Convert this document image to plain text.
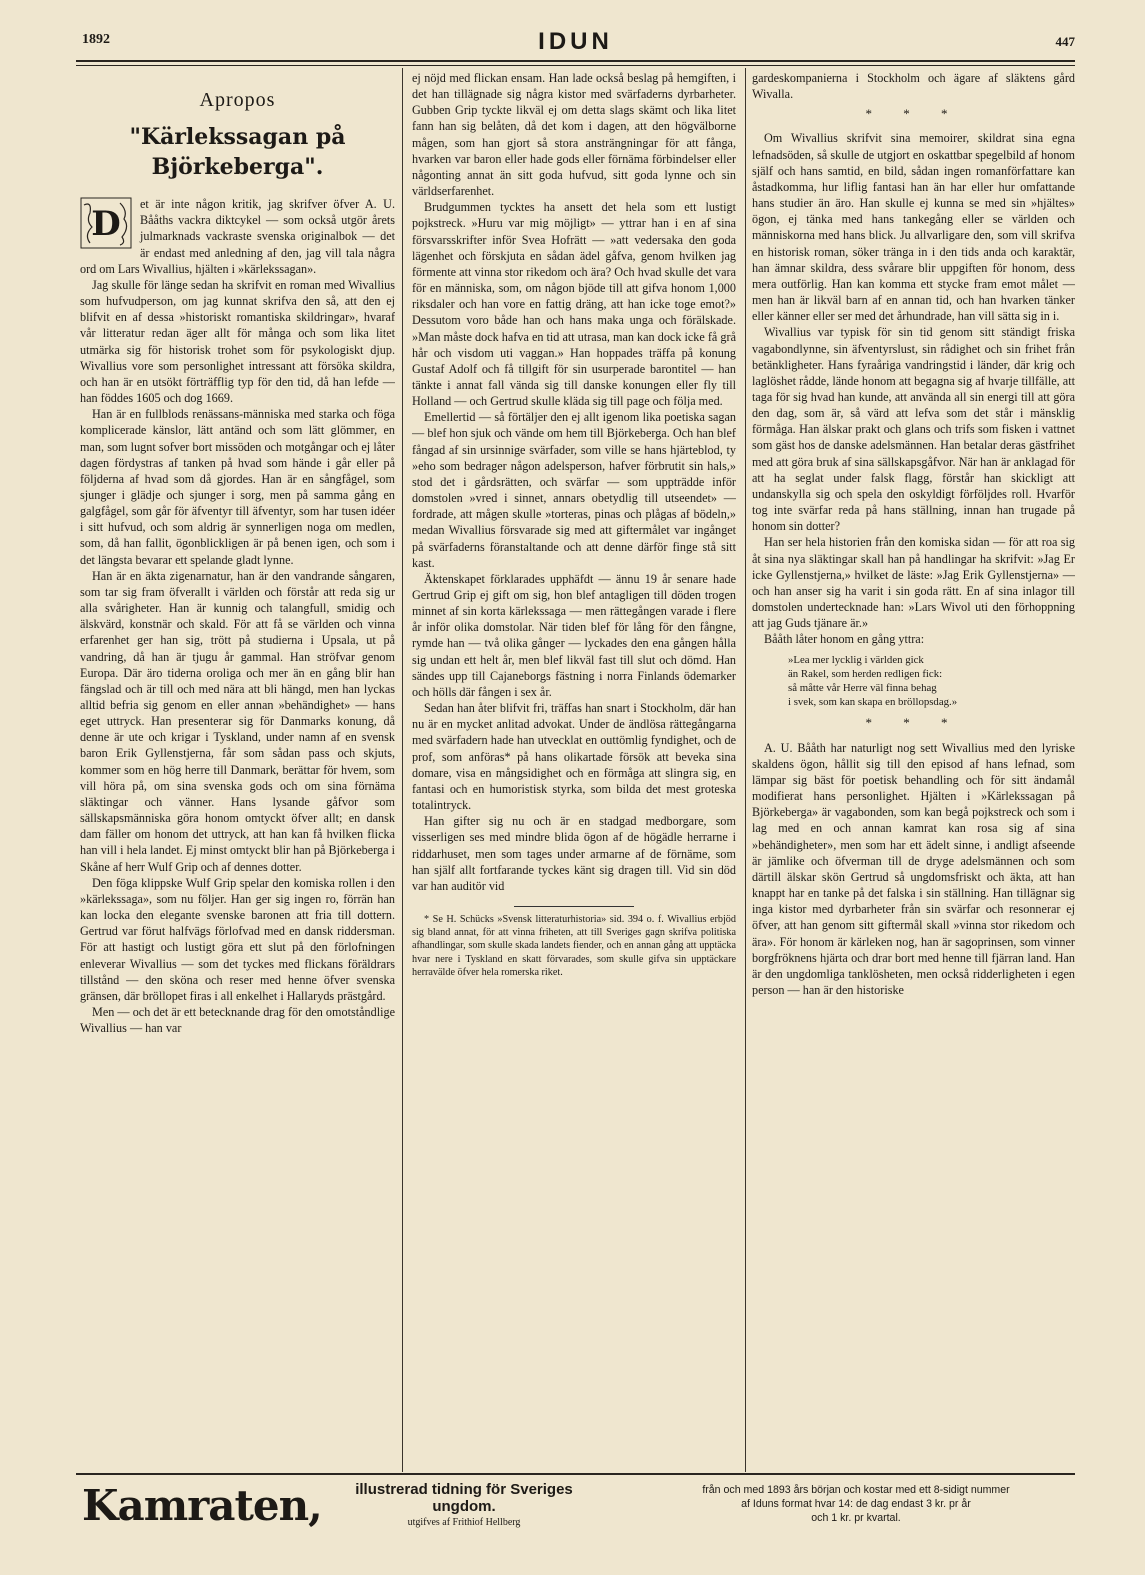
1892	IDUN	447
Apropos
"Kärlekssagan på Björkeberga".
D	et är inte någon kritik, jag skrifver öfver A. U. Bååths vackra diktcykel — som också utgör årets julmarknads vackraste svenska originalbok — det är endast med anledning af den, jag vill tala några ord om Lars Wivallius, hjälten i »kärlekssagan».

Jag skulle för länge sedan ha skrifvit en roman med Wivallius som hufvudperson, om jag kunnat skrifva den så, att den ej blifvit en af dessa »historiskt romantiska skildringar», hvaraf vår litteratur redan äger allt för många och som lika litet utmärka sig för historisk trohet som för psykologiskt djup. Wivallius vore som personlighet intressant att försöka skildra, och han är en utsökt förträfflig typ för den tid, då han lefde — han föddes 1605 och dog 1669.

Han är en fullblods renässans-människa med starka och föga komplicerade känslor, lätt antänd och som lätt glömmer, en man, som lugnt sofver bort missöden och motgångar och ej låter dagen fördystras af tanken på hvad som hände i går eller på följderna af hvad som då gjordes. Han är en sångfågel, som sjunger i glädje och sjunger i sorg, men på samma gång en galgfågel, som går för äfventyr till äfventyr, som har tusen idéer i sitt hufvud, och som aldrig är synnerligen noga om medlen, som, då han fallit, ögonblickligen är på benen igen, och som i det längsta bevarar ett spelande gladt lynne.

Han är en äkta zigenarnatur, han är den vandrande sångaren, som tar sig fram öfverallt i världen och förstår att reda sig ur alla svårigheter. Han är kunnig och talangfull, smidig och älskvärd, konstnär och skald. För att få se världen och vinna erfarenhet ger han sig, trött på studierna i Upsala, ut på vandring, då han är tjugu år gammal. Han ströfvar genom Europa. Där äro tiderna oroliga och mer än en gång blir han fängslad och är till och med nära att bli hängd, men han lyckas alltid befria sig genom en eller annan »behändighet» — hans eget uttryck. Han presenterar sig för Danmarks konung, då denne är ute och krigar i Tyskland, under namn af en svensk baron Erik Gyllenstjerna, får som sådan pass och skjuts, kommer som en hög herre till Danmark, berättar för hvem, som vill höra på, om sina svenska gods och om sina förnäma släktingar och vänner. Hans lysande gåfvor som sällskapsmänniska göra honom omtyckt öfver allt; en dansk dam fäller om honom det uttryck, att han kan få hvilken flicka han vill i hela landet. Ej minst omtyckt blir han på Björkeberga i Skåne af herr Wulf Grip och af dennes dotter.

Den föga klippske Wulf Grip spelar den komiska rollen i den »kärlekssaga», som nu följer. Han ger sig ingen ro, förrän han kan locka den elegante svenske baronen att fria till dottern. Gertrud var förut halfvägs förlofvad med en dansk riddersman. För att hastigt och lustigt göra ett slut på den förlofningen enleverar Wivallius — som det tyckes med flickans föräldrars tillstånd — den sköna och reser med henne öfver svenska gränsen, där bröllopet firas i all enkelhet i Hallaryds prästgård.

Men — och det är ett betecknande drag för den omotståndlige Wivallius — han var

ej nöjd med flickan ensam. Han lade också beslag på hemgiften, i det han tillägnade sig några kistor med svärfaderns dyrbarheter. Gubben Grip tyckte likväl ej om detta slags skämt och lika litet fann han sig belåten, då det kom i dagen, att den högvälborne mågen, som han gjort så stora ansträngningar för att fånga, hvarken var baron eller hade gods eller förnäma förbindelser eller någonting annat än sitt goda hufvud, sitt goda lynne och sin världserfarenhet.

Brudgummen tycktes ha ansett det hela som ett lustigt pojkstreck. »Huru var mig möjligt» — yttrar han i en af sina försvarsskrifter inför Svea Hofrätt — »att vedersaka den goda lägenhet och förskjuta en sådan ädel gåfva, genom hvilken jag förmente att vinna stor rikedom och ära? Och hvad skulle det vara för en människa, som, om någon bjöde till att gifva honom 1,000 riksdaler och han vore en fattig dräng, att han icke toge emot?» Dessutom voro både han och hans maka unga och förälskade. »Man måste dock hafva en tid att utrasa, man kan dock icke få grå hår och visdom uti vaggan.» Han hoppades träffa på konung Gustaf Adolf och få tillgift för sin usurperade barontitel — han tänkte i annat fall vända sig till danske konungen eller fly till Holland — och Gertrud skulle kläda sig till page och följa med.

Emellertid — så förtäljer den ej allt igenom lika poetiska sagan — blef hon sjuk och vände om hem till Björkeberga. Och han blef fångad af sin ursinnige svärfader, som ville se hans hjärteblod, ty »eho som bedrager någon adelsperson, hafver förbrutit sin hals,» stod det i gårdsrätten, och svärfar — som uppträdde inför domstolen »vred i sinnet, annars obetydlig till utseendet» — fordrade, att mågen skulle »torteras, pinas och plågas af bödeln,» medan Wivallius försvarade sig med att giftermålet var ingånget på svärfaderns föranstaltande och att denne därför finge stå sitt kast.

Äktenskapet förklarades upphäfdt — ännu 19 år senare hade Gertrud Grip ej gift om sig, hon blef antagligen till döden trogen minnet af sin korta kärlekssaga — men rättegången varade i flere år inför olika domstolar. När tiden blef för lång för den fångne, rymde han — två olika gånger — lyckades den ena gången hålla sig undan ett helt år, men blef likväl fast till slut och dömd. Han sändes upp till Cajaneborgs fästning i norra Finlands ödemarker och hölls där fången i sex år.

Sedan han åter blifvit fri, träffas han snart i Stockholm, där han nu är en mycket anlitad advokat. Under de ändlösa rättegångarna med svärfadern hade han utvecklat en outtömlig fyndighet, och de prof, som anföras* på hans olikartade försök att beveka sina domare, visa en mångsidighet och en förmåga att slingra sig, en fantasi och en humoristisk styrka, som bilda det mest groteska totalintryck.

Han gifter sig nu och är en stadgad medborgare, som visserligen ses med mindre blida ögon af de högädle herrarne i riddarhuset, men som tages under armarne af de förnäme, som han själf allt fortfarande tyckes känt sig dragen till. Vid sin död var han auditör vid

* Se H. Schücks »Svensk litteraturhistoria» sid. 394 o. f. Wivallius erbjöd sig bland annat, för att vinna friheten, att till Sveriges gagn skrifva politiska afhandlingar, som skulle skada landets fiender, och en annan gång att upptäcka hvar nere i Tyskland en skatt förvarades, som skulle gifva sin upptäckare herravälde öfver hela romerska riket.

gardeskompanierna i Stockholm och ägare af släktens gård Wivalla.

* * *

Om Wivallius skrifvit sina memoirer, skildrat sina egna lefnadsöden, så skulle de utgjort en oskattbar spegelbild af honom själf och hans samtid, en bild, sådan ingen romanförfattare kan åstadkomma, hur liflig fantasi han än har eller hur omfattande hans studier än äro. Han skulle ej kunna se med sin »hjältes» ögon, ej tänka med hans tankegång eller se världen och människorna med hans blick. Ju allvarligare den, som vill skrifva en historisk roman, söker tränga in i den tids anda och karaktär, han ämnar skildra, dess svårare blir uppgiften för honom, dess mera outförlig. Han kan komma ett stycke fram emot målet — men han är likväl barn af en annan tid, och han hvarken tänker eller känner eller ser med det århundrade, han vill sätta sig in i.

Wivallius var typisk för sin tid genom sitt ständigt friska vagabondlynne, sin äfventyrslust, sin rådighet och sin frihet från betänkligheter. Hans fyraåriga vandringstid i länder, där krig och laglöshet rådde, lände honom att begagna sig af hvarje tillfälle, att taga för sig hvad han kunde, att använda all sin energi till att göra den dag, som är, så värd att lefva som det står i mänsklig förmåga. Han älskar prakt och glans och trifs som fisken i vattnet som gäst hos de danske adelsmännen. Han betalar deras gästfrihet med att göra bruk af sina sällskapsgåfvor. När han är anklagad för att ha seglat under falsk flagg, förstår han skickligt att undanskylla sig och spela den oskyldigt förföljdes roll. Hvarför tog inte svärfar reda på hans ställning, innan han trugade på honom sin dotter?

Han ser hela historien från den komiska sidan — för att roa sig åt sina nya släktingar skall han på handlingar ha skrifvit: »Jag Er icke Gyllenstjerna,» hvilket de läste: »Jag Erik Gyllenstjerna» — och han anser sig ha varit i sin goda rätt. En af sina inlagor till domstolen undertecknade han: »Lars Wivol uti den förhoppning att jag Guds tjänare är.»

Bååth låter honom en gång yttra:

»Lea mer lycklig i världen gick
än Rakel, som herden redligen fick:
så måtte vår Herre väl finna behag
i svek, som kan skapa en bröllopsdag.»
* * *

A. U. Bååth har naturligt nog sett Wivallius med den lyriske skaldens ögon, hållit sig till den episod af hans lefnad, som lämpar sig bäst för poetisk behandling och för sitt ändamål modifierat hans personlighet. Hjälten i »Kärlekssagan på Björkeberga» är vagabonden, som kan begå pojkstreck och som i lag med en och annan kamrat kan rosa sig af sina »behändigheter», men som har ett ädelt sinne, i andligt afseende är jämlike och öfverman till de dryge adelsmännen och som därtill älskar skön Gertrud så ungdomsfriskt och äkta, att han knappt har en tanke på det falska i sin ställning. Han tillägnar sig inga kistor med dyrbarheter från sin svärfar och resonnerar ej öfver, att han genom sitt giftermål skall »vinna stor rikedom och ära». För honom är kärleken nog, han är sagoprinsen, som vinner borgfröknens hjärta och drar bort med henne till fjärran land. Han är den ungdomliga tanklösheten, men också ridderligheten i egen person — han är den historiske

Kamraten,	illustrerad tidning för Sveriges
ungdom.
utgifves af Frithiof Hellberg
från och med 1893 års början och kostar med ett 8-sidigt nummer
af Iduns format hvar 14: de dag endast 3 kr. pr år
och 1 kr. pr kvartal.
